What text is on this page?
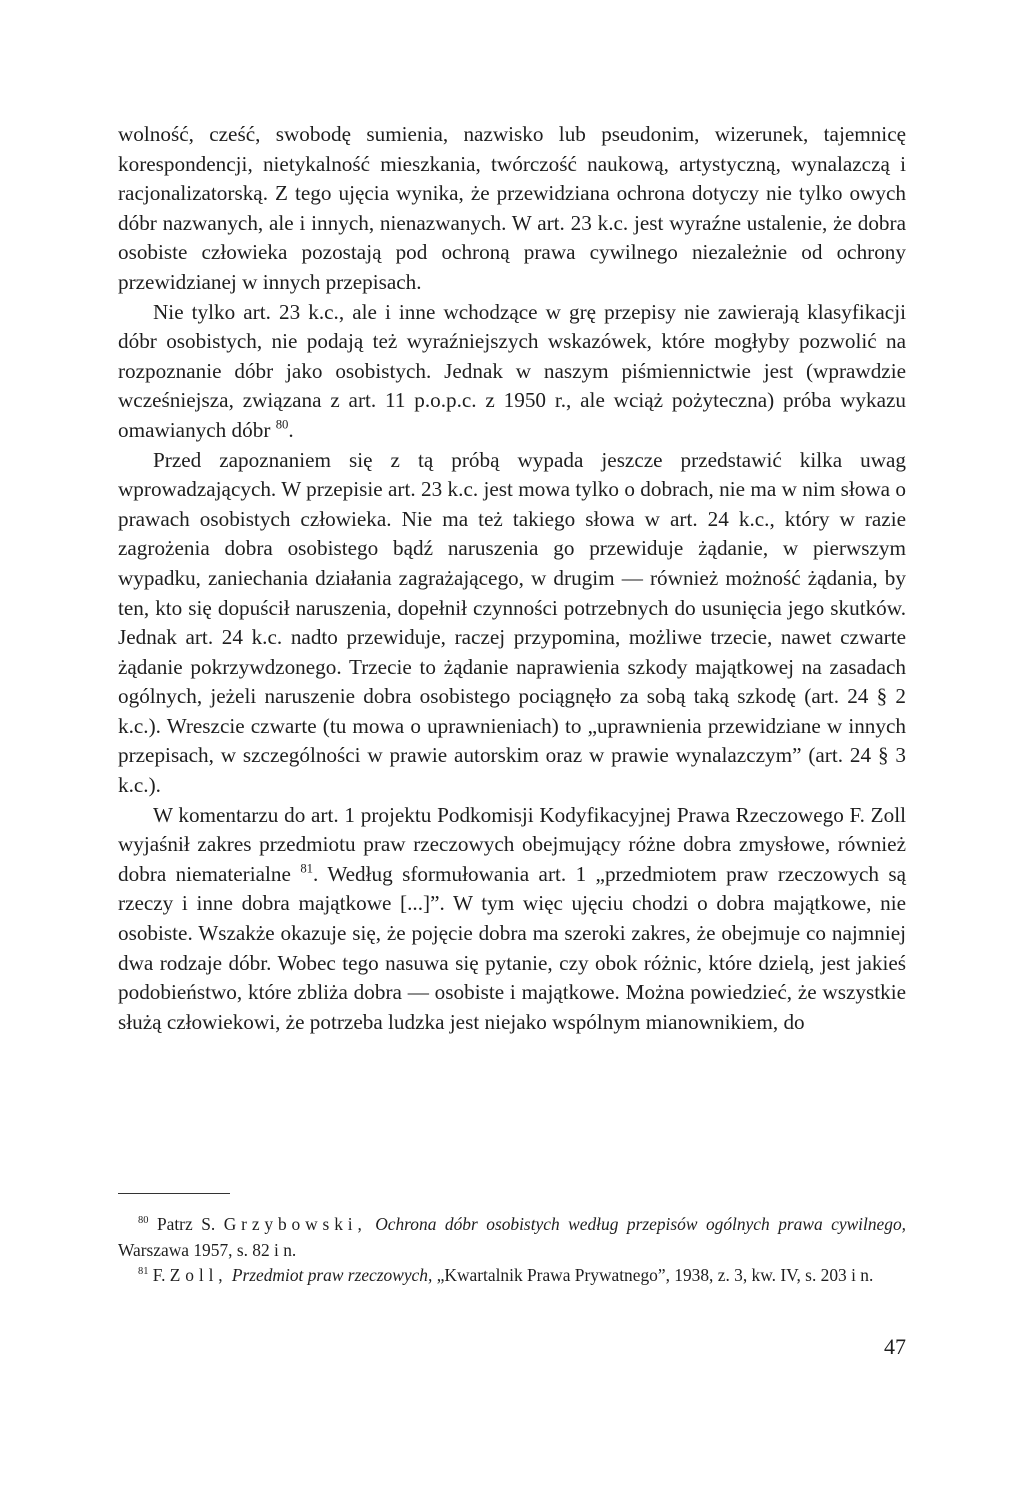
wolność, cześć, swobodę sumienia, nazwisko lub pseudonim, wizerunek, tajemnicę korespondencji, nietykalność mieszkania, twórczość naukową, artystyczną, wynalazczą i racjonalizatorską. Z tego ujęcia wynika, że przewidziana ochrona dotyczy nie tylko owych dóbr nazwanych, ale i innych, nienazwanych. W art. 23 k.c. jest wyraźne ustalenie, że dobra osobiste człowieka pozostają pod ochroną prawa cywilnego niezależnie od ochrony przewidzianej w innych przepisach.

Nie tylko art. 23 k.c., ale i inne wchodzące w grę przepisy nie zawierają klasyfikacji dóbr osobistych, nie podają też wyraźniejszych wskazówek, które mogłyby pozwolić na rozpoznanie dóbr jako osobistych. Jednak w naszym piśmiennictwie jest (wprawdzie wcześniejsza, związana z art. 11 p.o.p.c. z 1950 r., ale wciąż pożyteczna) próba wykazu omawianych dóbr $^{80}$.

Przed zapoznaniem się z tą próbą wypada jeszcze przedstawić kilka uwag wprowadzających. W przepisie art. 23 k.c. jest mowa tylko o dobrach, nie ma w nim słowa o prawach osobistych człowieka. Nie ma też takiego słowa w art. 24 k.c., który w razie zagrożenia dobra osobistego bądź naruszenia go przewiduje żądanie, w pierwszym wypadku, zaniechania działania zagrażającego, w drugim — również możność żądania, by ten, kto się dopuścił naruszenia, dopełnił czynności potrzebnych do usunięcia jego skutków. Jednak art. 24 k.c. nadto przewiduje, raczej przypomina, możliwe trzecie, nawet czwarte żądanie pokrzywdzonego. Trzecie to żądanie naprawienia szkody majątkowej na zasadach ogólnych, jeżeli naruszenie dobra osobistego pociągnęło za sobą taką szkodę (art. 24 § 2 k.c.). Wreszcie czwarte (tu mowa o uprawnieniach) to „uprawnienia przewidziane w innych przepisach, w szczególności w prawie autorskim oraz w prawie wynalazczym” (art. 24 § 3 k.c.).

W komentarzu do art. 1 projektu Podkomisji Kodyfikacyjnej Prawa Rzeczowego F. Zoll wyjaśnił zakres przedmiotu praw rzeczowych obejmujący różne dobra zmysłowe, również dobra niematerialne $^{81}$. Według sformułowania art. 1 „przedmiotem praw rzeczowych są rzeczy i inne dobra majątkowe [...]”. W tym więc ujęciu chodzi o dobra majątkowe, nie osobiste. Wszakże okazuje się, że pojęcie dobra ma szeroki zakres, że obejmuje co najmniej dwa rodzaje dóbr. Wobec tego nasuwa się pytanie, czy obok różnic, które dzielą, jest jakieś podobieństwo, które zbliża dobra — osobiste i majątkowe. Można powiedzieć, że wszystkie służą człowiekowi, że potrzeba ludzka jest niejako wspólnym mianownikiem, do

$^{80}$ Patrz S. Grzybowski, Ochrona dóbr osobistych według przepisów ogólnych prawa cywilnego, Warszawa 1957, s. 82 i n.

$^{81}$ F. Zoll, Przedmiot praw rzeczowych, „Kwartalnik Prawa Prywatnego”, 1938, z. 3, kw. IV, s. 203 i n.

47
